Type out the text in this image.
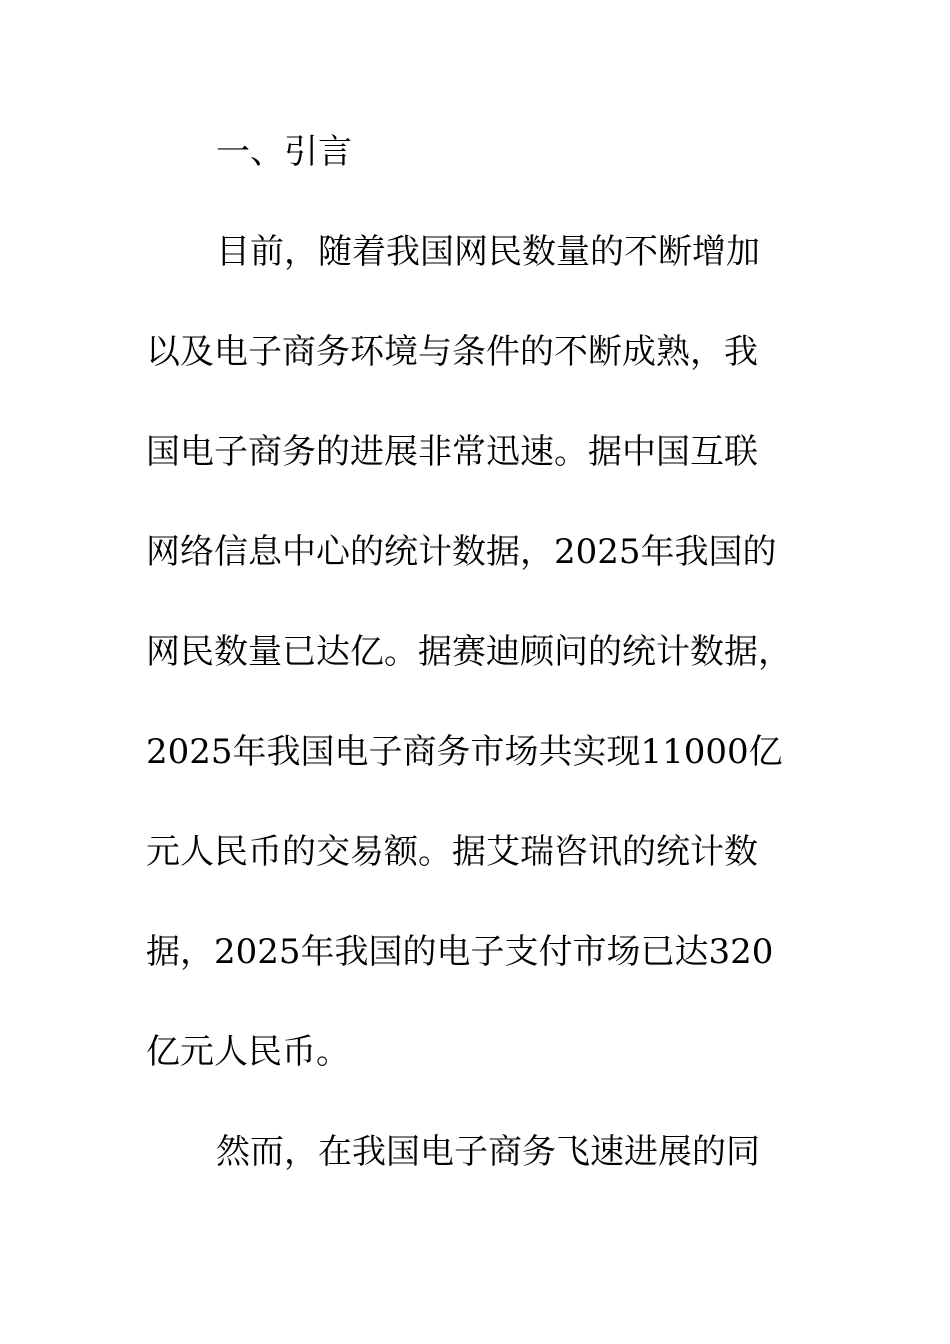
一、引言
目前，随着我国网民数量的不断增加
以及电子商务环境与条件的不断成熟，我
国电子商务的进展非常迅速。据中国互联
网络信息中心的统计数据，2025年我国的
网民数量已达亿。据赛迪顾问的统计数据，
2025年我国电子商务市场共实现11000亿
元人民币的交易额。据艾瑞咨讯的统计数
据，2025年我国的电子支付市场已达320
亿元人民币。
然而，在我国电子商务飞速进展的同
